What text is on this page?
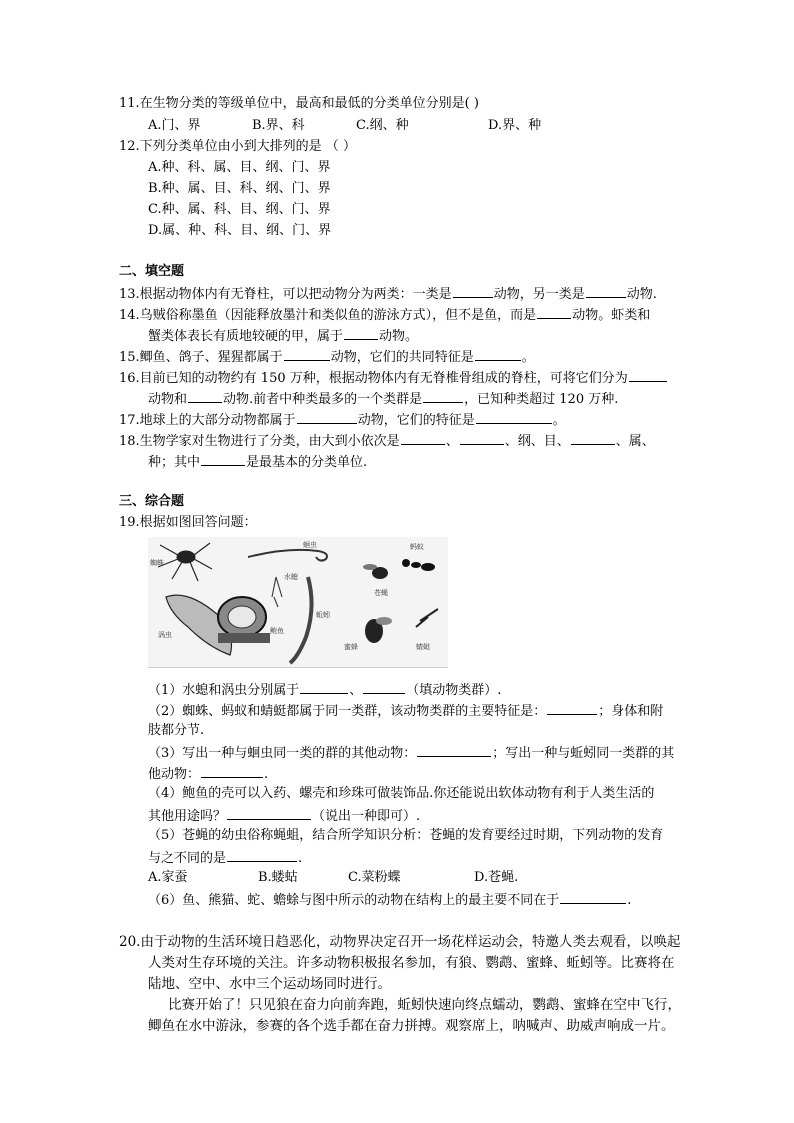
11.在生物分类的等级单位中，最高和最低的分类单位分别是( )
A.门、界	B.界、科	C.纲、种	D.界、种
12.下列分类单位由小到大排列的是 （ ）
A.种、科、属、目、纲、门、界
B.种、属、目、科、纲、门、界
C.种、属、科、目、纲、门、界
D.属、种、科、目、纲、门、界
二、填空题
13.根据动物体内有无脊柱，可以把动物分为两类：一类是	动物，另一类是	动物.
14.乌贼俗称墨鱼（因能释放墨汁和类似鱼的游泳方式），但不是鱼，而是	动物。虾类和
蟹类体表长有质地较硬的甲，属于	动物。
15.鲫鱼、鸽子、猩猩都属于	动物，它们的共同特征是	。
16.目前已知的动物约有 150 万种，根据动物体内有无脊椎骨组成的脊柱，可将它们分为
动物和	动物.前者中种类最多的一个类群是	，已知种类超过 120 万种.
17.地球上的大部分动物都属于	动物，它们的特征是	。
18.生物学家对生物进行了分类，由大到小依次是	、	、纲、目、	、属、
种；其中	是最基本的分类单位.
三、综合题
19.根据如图回答问题：
蜘蛛
蛔虫
水螅
涡虫	鲍鱼
蚯蚓
蚂蚁
苍蝇
蜜蜂	蜻蜓
（1）水螅和涡虫分别属于	、	（填动物类群）.
（2）蜘蛛、蚂蚁和蜻蜓都属于同一类群，该动物类群的主要特征是：	；身体和附
肢都分节.
（3）写出一种与蛔虫同一类的群的其他动物：	；写出一种与蚯蚓同一类群的其
他动物：	.
（4）鲍鱼的壳可以入药、螺壳和珍珠可做装饰品.你还能说出软体动物有利于人类生活的
其他用途吗？	（说出一种即可）.
（5）苍蝇的幼虫俗称蝇蛆，结合所学知识分析：苍蝇的发育要经过时期，下列动物的发育
与之不同的是	.
A.家蚕	B.蝼蛄	C.菜粉蝶	D.苍蝇.
（6）鱼、熊猫、蛇、蟾蜍与图中所示的动物在结构上的最主要不同在于	.
20.由于动物的生活环境日趋恶化，动物界决定召开一场花样运动会，特邀人类去观看，以唤起
人类对生存环境的关注。许多动物积极报名参加，有狼、鹦鹉、蜜蜂、蚯蚓等。比赛将在
陆地、空中、水中三个运动场同时进行。
比赛开始了！只见狼在奋力向前奔跑，蚯蚓快速向终点蠕动，鹦鹉、蜜蜂在空中飞行，
鲫鱼在水中游泳，参赛的各个选手都在奋力拼搏。观察席上，呐喊声、助威声响成一片。
